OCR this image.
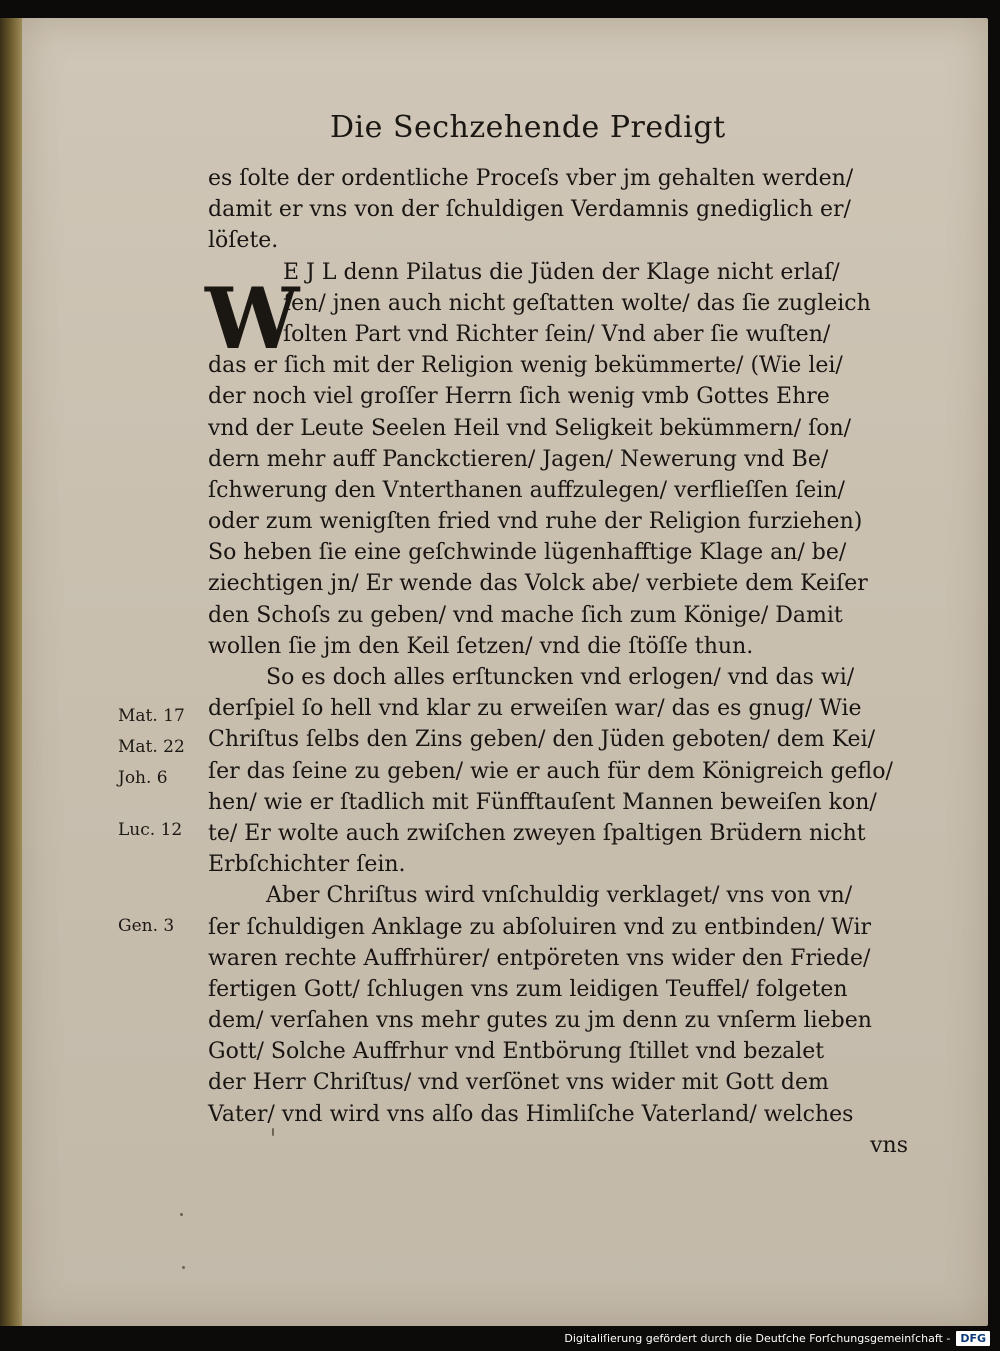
Die Sechzehende Predigt
W
es ſolte der ordentliche Proceſs vber jm gehalten werden/
damit er vns von der ſchuldigen Verdamnis gnediglich er/
löſete.
E J L denn Pilatus die Jüden der Klage nicht erlaſ/
ſen/ jnen auch nicht geſtatten wolte/ das ſie zugleich
ſolten Part vnd Richter ſein/ Vnd aber ſie wuſten/
das er ſich mit der Religion wenig bekümmerte/ (Wie lei/
der noch viel groſſer Herrn ſich wenig vmb Gottes Ehre
vnd der Leute Seelen Heil vnd Seligkeit bekümmern/ ſon/
dern mehr auff Panckctieren/ Jagen/ Newerung vnd Be/
ſchwerung den Vnterthanen auffzulegen/ verflieſſen ſein/
oder zum wenigſten fried vnd ruhe der Religion furziehen)
So heben ſie eine geſchwinde lügenhafftige Klage an/ be/
ziechtigen jn/ Er wende das Volck abe/ verbiete dem Keiſer
den Schoſs zu geben/ vnd mache ſich zum Könige/ Damit
wollen ſie jm den Keil ſetzen/ vnd die ſtöſſe thun.
So es doch alles erſtuncken vnd erlogen/ vnd das wi/
derſpiel ſo hell vnd klar zu erweiſen war/ das es gnug/ Wie
Chriſtus ſelbs den Zins geben/ den Jüden geboten/ dem Kei/
ſer das ſeine zu geben/ wie er auch für dem Königreich geflo/
hen/ wie er ſtadlich mit Fünfftauſent Mannen beweiſen kon/
te/ Er wolte auch zwiſchen zweyen ſpaltigen Brüdern nicht
Erbſchichter ſein.
Aber Chriſtus wird vnſchuldig verklaget/ vns von vn/
ſer ſchuldigen Anklage zu abſoluiren vnd zu entbinden/ Wir
waren rechte Auffrhürer/ entpöreten vns wider den Friede/
fertigen Gott/ ſchlugen vns zum leidigen Teuffel/ folgeten
dem/ verſahen vns mehr gutes zu jm denn zu vnſerm lieben
Gott/ Solche Auffrhur vnd Entbörung ſtillet vnd bezalet
der Herr Chriſtus/ vnd verſönet vns wider mit Gott dem
Vater/ vnd wird vns alſo das Himliſche Vaterland/ welches
vns
Mat. 17
Mat. 22
Joh. 6
Luc. 12
Gen. 3
Digitaliſierung gefördert durch die Deutſche Forſchungsgemeinſchaft - DFG
